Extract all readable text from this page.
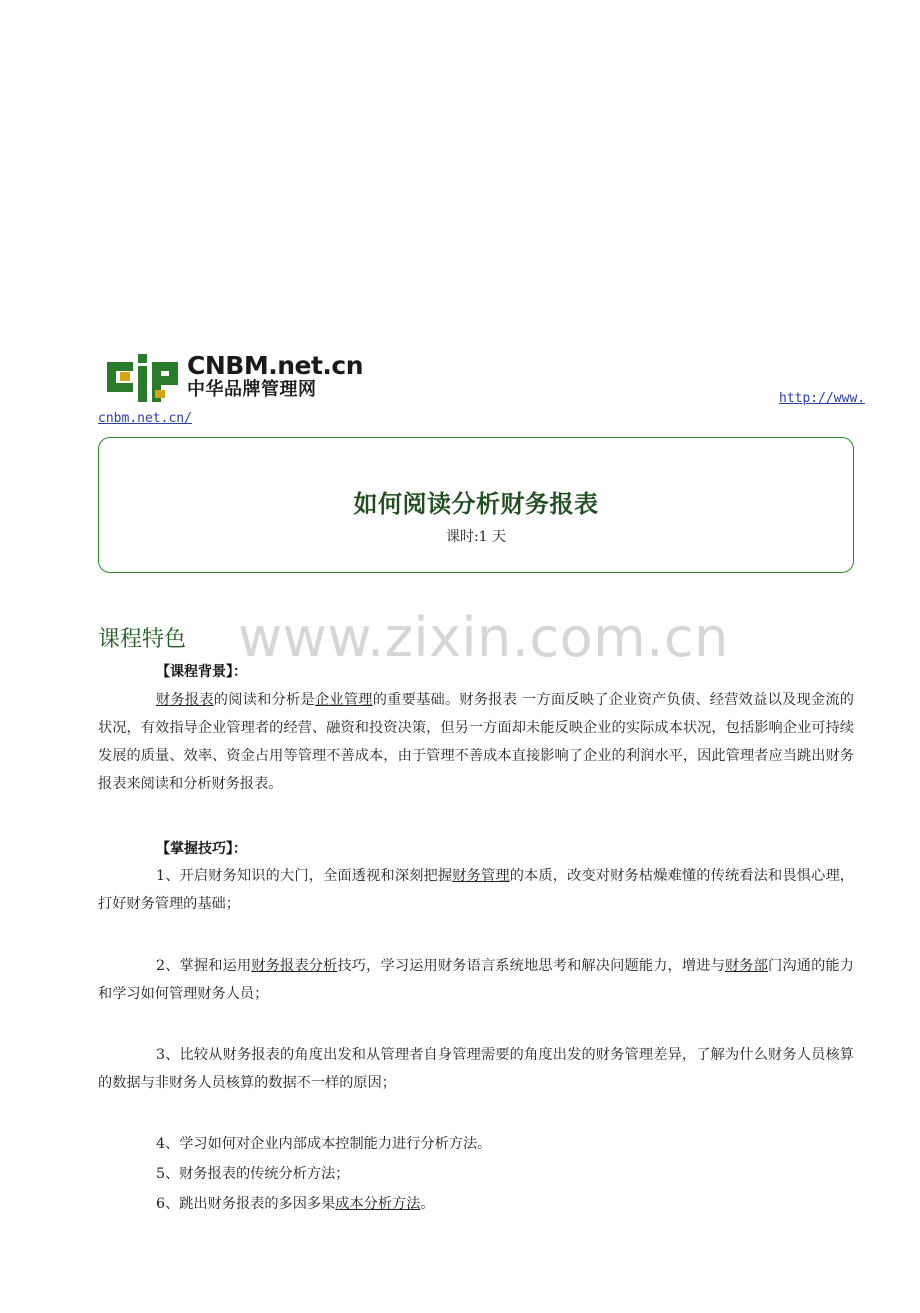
CNBM.net.cn
中华品牌管理网	http://www.
cnbm.net.cn/
如何阅读分析财务报表
课时:1 天
www.zixin.com.cn
课程特色
【课程背景】：
财务报表的阅读和分析是企业管理的重要基础。财务报表 一方面反映了企业资产负债、经营效益以及现金流的状况，有效指导企业管理者的经营、融资和投资决策，但另一方面却未能反映企业的实际成本状况，包括影响企业可持续发展的质量、效率、资金占用等管理不善成本，由于管理不善成本直接影响了企业的利润水平，因此管理者应当跳出财务 报表来阅读和分析财务报表。
【掌握技巧】：
1、开启财务知识的大门，全面透视和深刻把握财务管理的本质，改变对财务枯燥难懂的传统看法和畏惧心理，打好财务管理的基础；
2、掌握和运用财务报表分析技巧，学习运用财务语言系统地思考和解决问题能力，增进与财务部门沟通的能力和学习如何管理财务人员；
3、比较从财务报表的角度出发和从管理者自身管理需要的角度出发的财务管理差异，了解为什么财务人员核算的数据与非财务人员核算的数据不一样的原因；
4、学习如何对企业内部成本控制能力进行分析方法。
5、财务报表的传统分析方法；
6、跳出财务报表的多因多果成本分析方法。
